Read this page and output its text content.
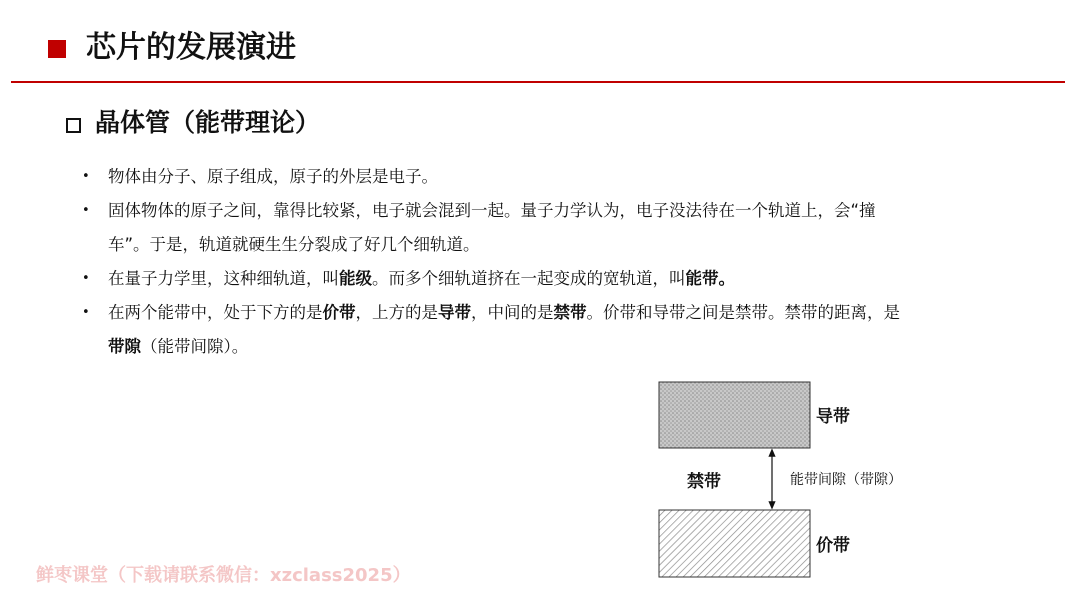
芯片的发展演进
晶体管（能带理论）
• 物体由分子、原子组成，原子的外层是电子。
• 固体物体的原子之间，靠得比较紧，电子就会混到一起。量子力学认为，电子没法待在一个轨道上，会“撞
车”。于是，轨道就硬生生分裂成了好几个细轨道。
• 在量子力学里，这种细轨道，叫能级。而多个细轨道挤在一起变成的宽轨道，叫能带。
• 在两个能带中，处于下方的是价带，上方的是导带，中间的是禁带。价带和导带之间是禁带。禁带的距离，是
带隙（能带间隙）。
导带
禁带	能带间隙（带隙）
价带
鲜枣课堂（下载请联系微信：xzclass2025）
